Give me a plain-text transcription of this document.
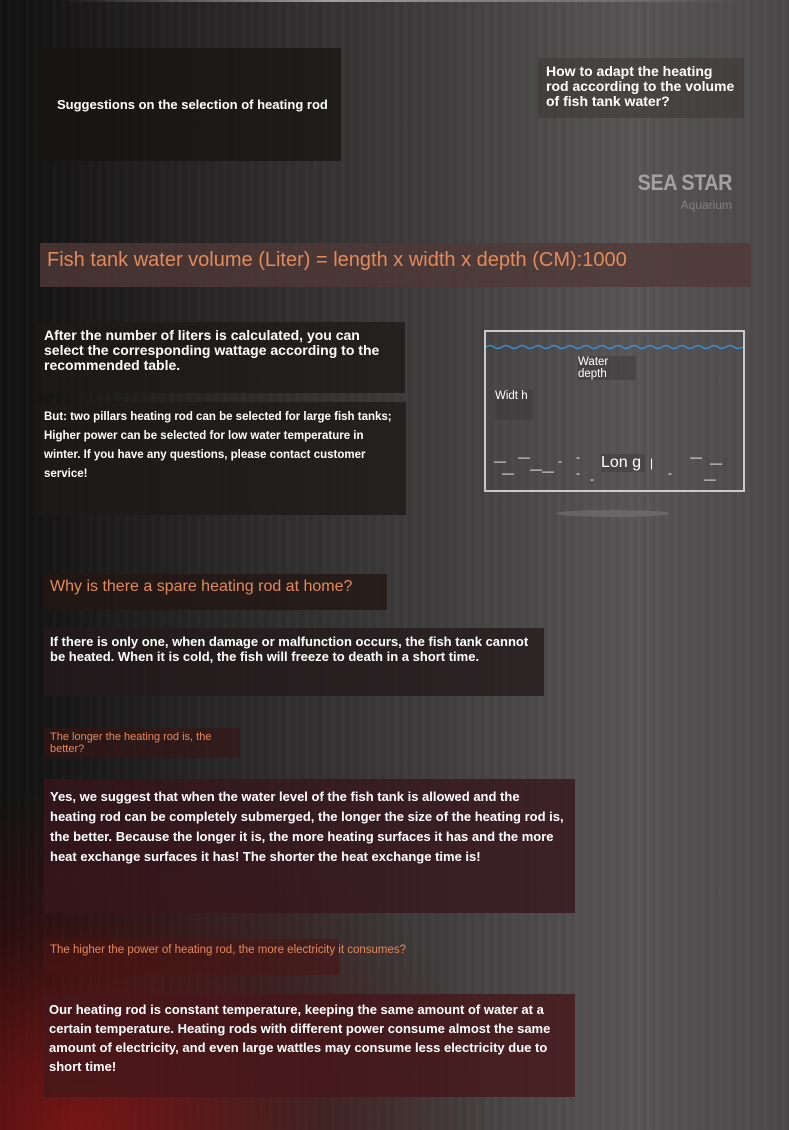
Suggestions on the selection of heating rod
How to adapt the heating rod according to the volume of fish tank water?
SEA STAR
Aquarium
Fish tank water volume (Liter) = length x width x depth (CM):1000
After the number of liters is calculated, you can select the corresponding wattage according to the recommended table.
But: two pillars heating rod can be selected for large fish tanks; Higher power can be selected for low water temperature in winter. If you have any questions, please contact customer service!
Water depth
Widt h
Lon g
— —
— — —
- -
- -
|
-
— —
—
Why is there a spare heating rod at home?
If there is only one, when damage or malfunction occurs, the fish tank cannot be heated. When it is cold, the fish will freeze to death in a short time.
The longer the heating rod is, the better?
Yes, we suggest that when the water level of the fish tank is allowed and the heating rod can be completely submerged, the longer the size of the heating rod is, the better. Because the longer it is, the more heating surfaces it has and the more heat exchange surfaces it has! The shorter the heat exchange time is!
The higher the power of heating rod, the more electricity it consumes?
Our heating rod is constant temperature, keeping the same amount of water at a certain temperature. Heating rods with different power consume almost the same amount of electricity, and even large wattles may consume less electricity due to short time!
